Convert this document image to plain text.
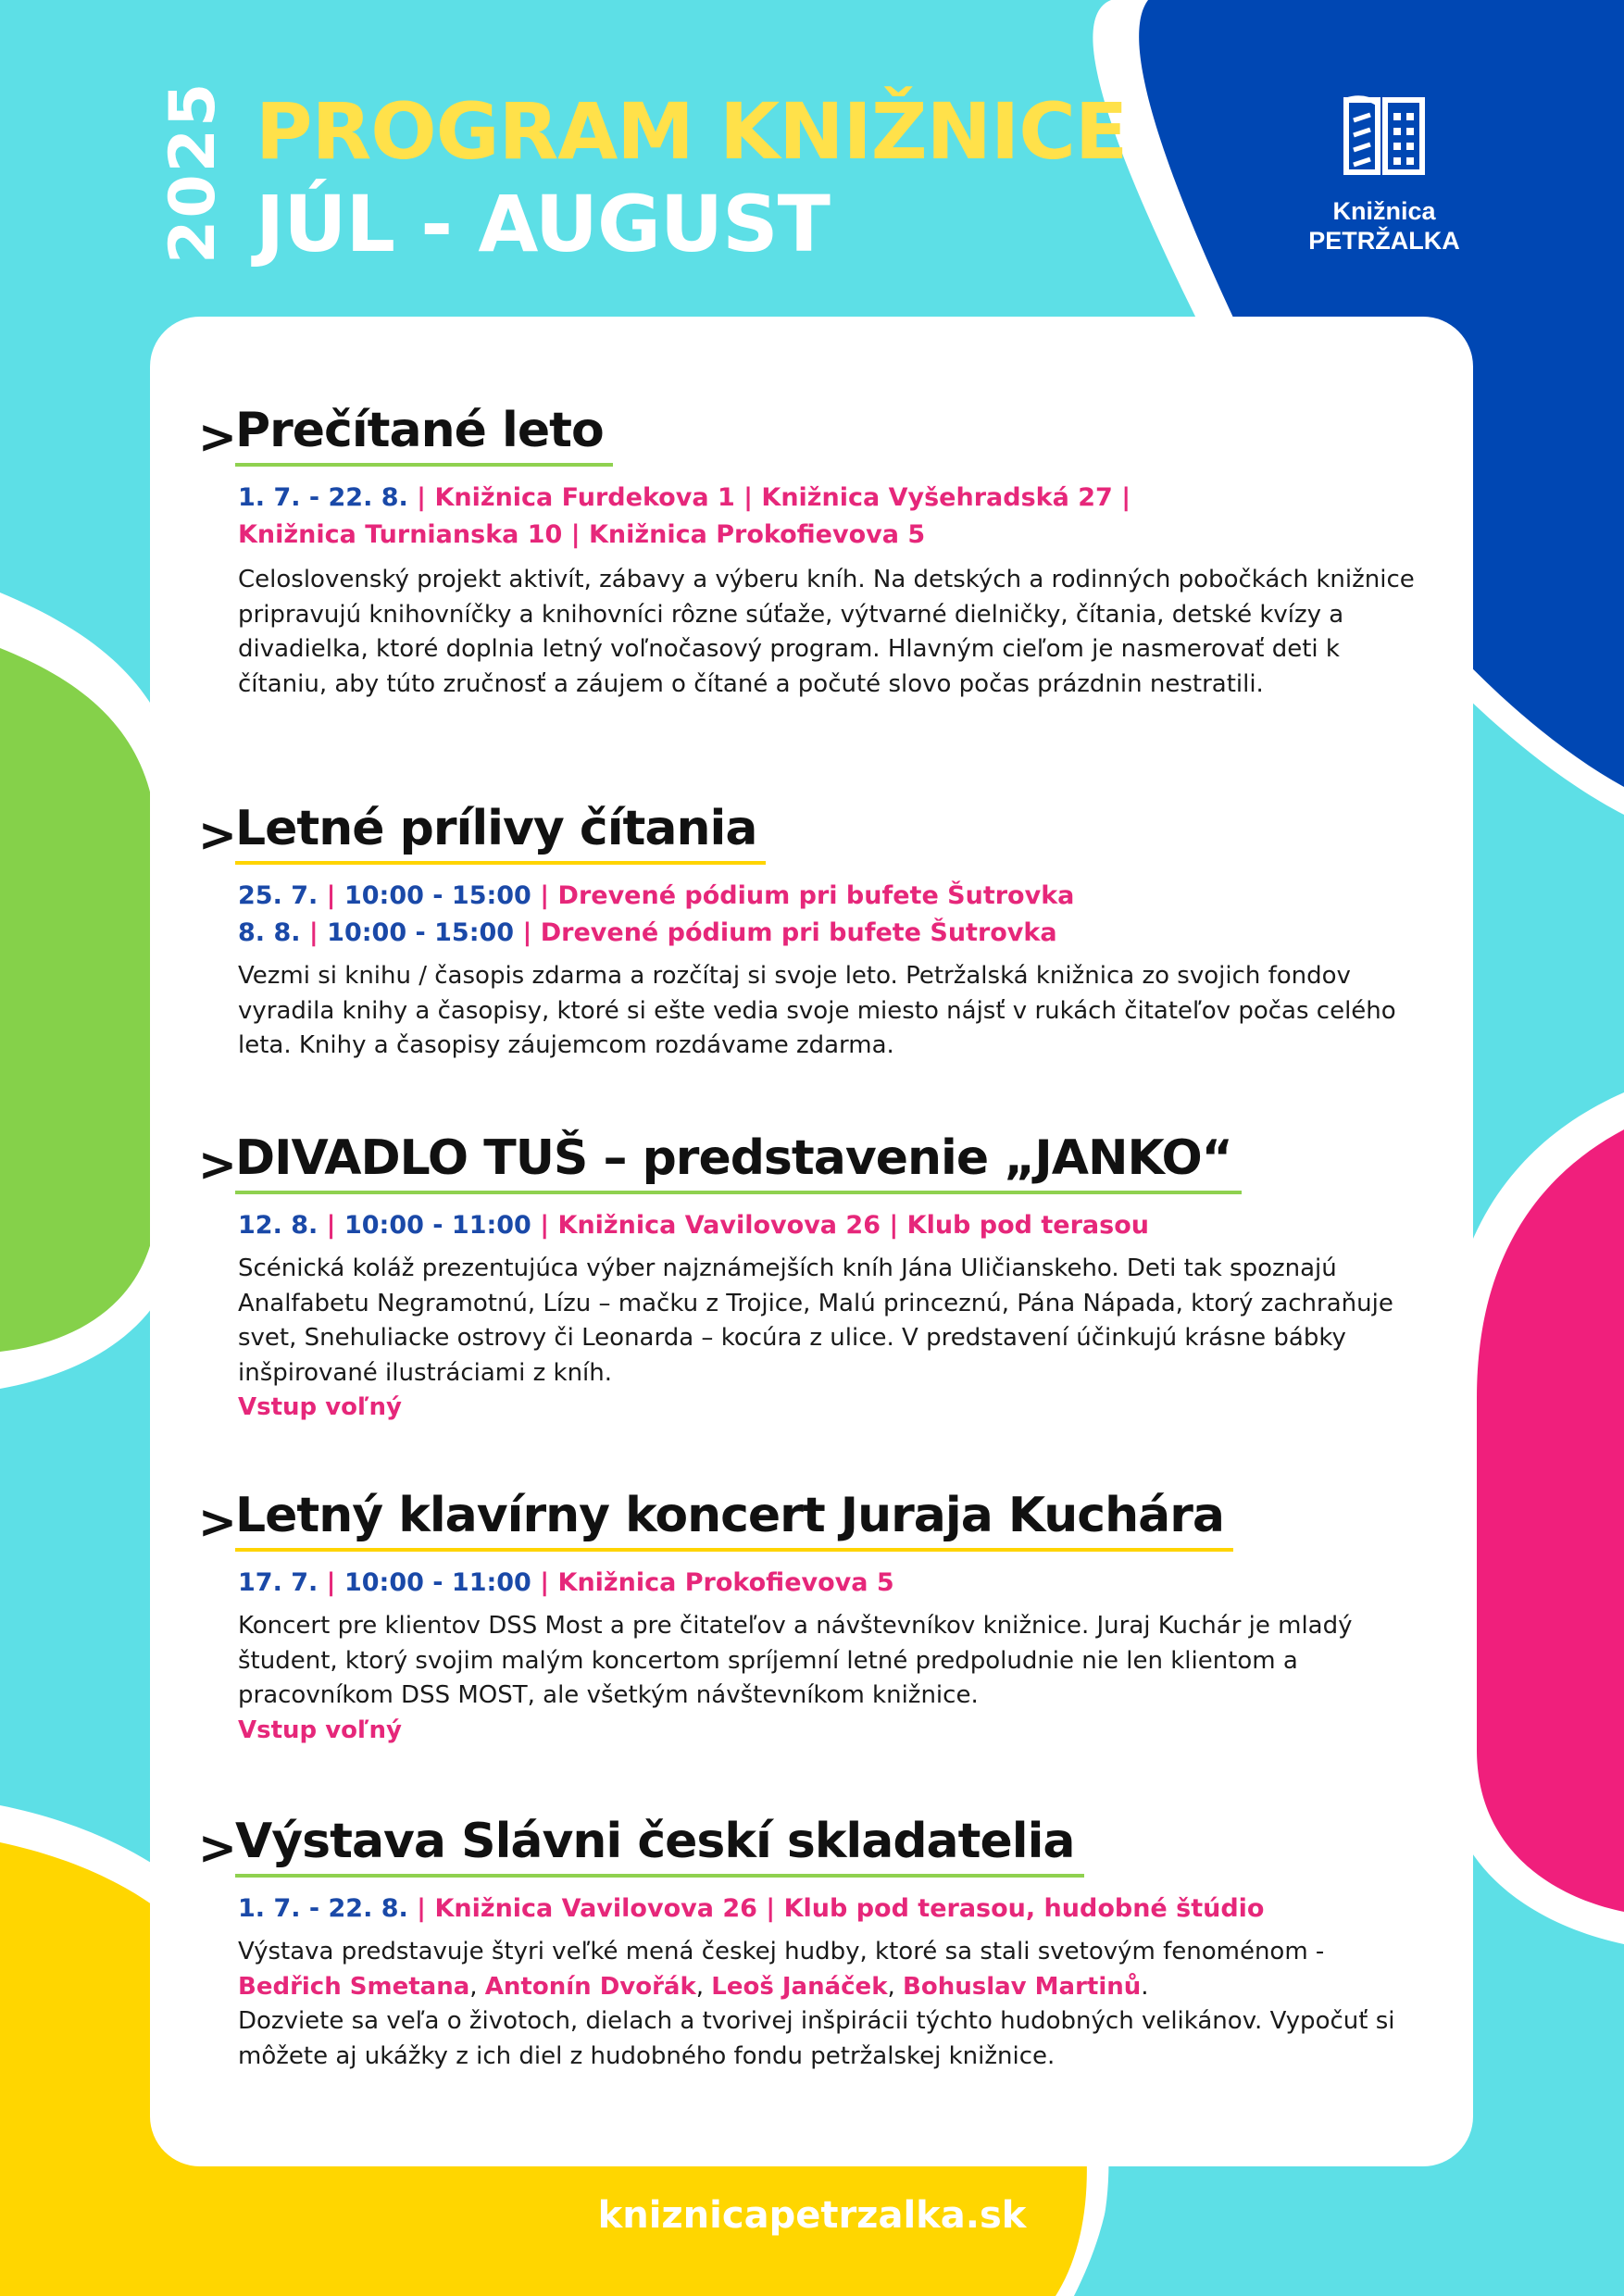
2025 PROGRAM KNIŽNICE
JÚL - AUGUST	Knižnica
PETRŽALKA
>
Prečítané leto
1. 7. - 22. 8. | Knižnica Furdekova 1 | Knižnica Vyšehradská 27 |
Knižnica Turnianska 10 | Knižnica Prokofievova 5
Celoslovenský projekt aktivít, zábavy a výberu kníh. Na detských a rodinných pobočkách knižnice pripravujú knihovníčky a knihovníci rôzne súťaže, výtvarné dielničky, čítania, detské kvízy a divadielka, ktoré doplnia letný voľnočasový program. Hlavným cieľom je nasmerovať deti k čítaniu, aby túto zručnosť a záujem o čítané a počuté slovo počas prázdnin nestratili.
>
Letné prílivy čítania
25. 7. | 10:00 - 15:00 | Drevené pódium pri bufete Šutrovka
8. 8. | 10:00 - 15:00 | Drevené pódium pri bufete Šutrovka
Vezmi si knihu / časopis zdarma a rozčítaj si svoje leto. Petržalská knižnica zo svojich fondov vyradila knihy a časopisy, ktoré si ešte vedia svoje miesto nájsť v rukách čitateľov počas celého leta. Knihy a časopisy záujemcom rozdávame zdarma.
>
DIVADLO TUŠ – predstavenie „JANKO“
12. 8. | 10:00 - 11:00 | Knižnica Vavilovova 26 | Klub pod terasou
Scénická koláž prezentujúca výber najznámejších kníh Jána Uličianskeho. Deti tak spoznajú Analfabetu Negramotnú, Lízu – mačku z Trojice, Malú princeznú, Pána Nápada, ktorý zachraňuje svet, Snehuliacke ostrovy či Leonarda – kocúra z ulice. V predstavení účinkujú krásne bábky inšpirované ilustráciami z kníh.
Vstup voľný
>
Letný klavírny koncert Juraja Kuchára
17. 7. | 10:00 - 11:00 | Knižnica Prokofievova 5
Koncert pre klientov DSS Most a pre čitateľov a návštevníkov knižnice. Juraj Kuchár je mladý študent, ktorý svojim malým koncertom spríjemní letné predpoludnie nie len klientom a pracovníkom DSS MOST, ale všetkým návštevníkom knižnice.
Vstup voľný
>
Výstava Slávni českí skladatelia
1. 7. - 22. 8. | Knižnica Vavilovova 26 | Klub pod terasou, hudobné štúdio
Výstava predstavuje štyri veľké mená českej hudby, ktoré sa stali svetovým fenoménom -
Bedřich Smetana, Antonín Dvořák, Leoš Janáček, Bohuslav Martinů.
Dozviete sa veľa o životoch, dielach a tvorivej inšpirácii týchto hudobných velikánov. Vypočuť si môžete aj ukážky z ich diel z hudobného fondu petržalskej knižnice.
kniznicapetrzalka.sk
